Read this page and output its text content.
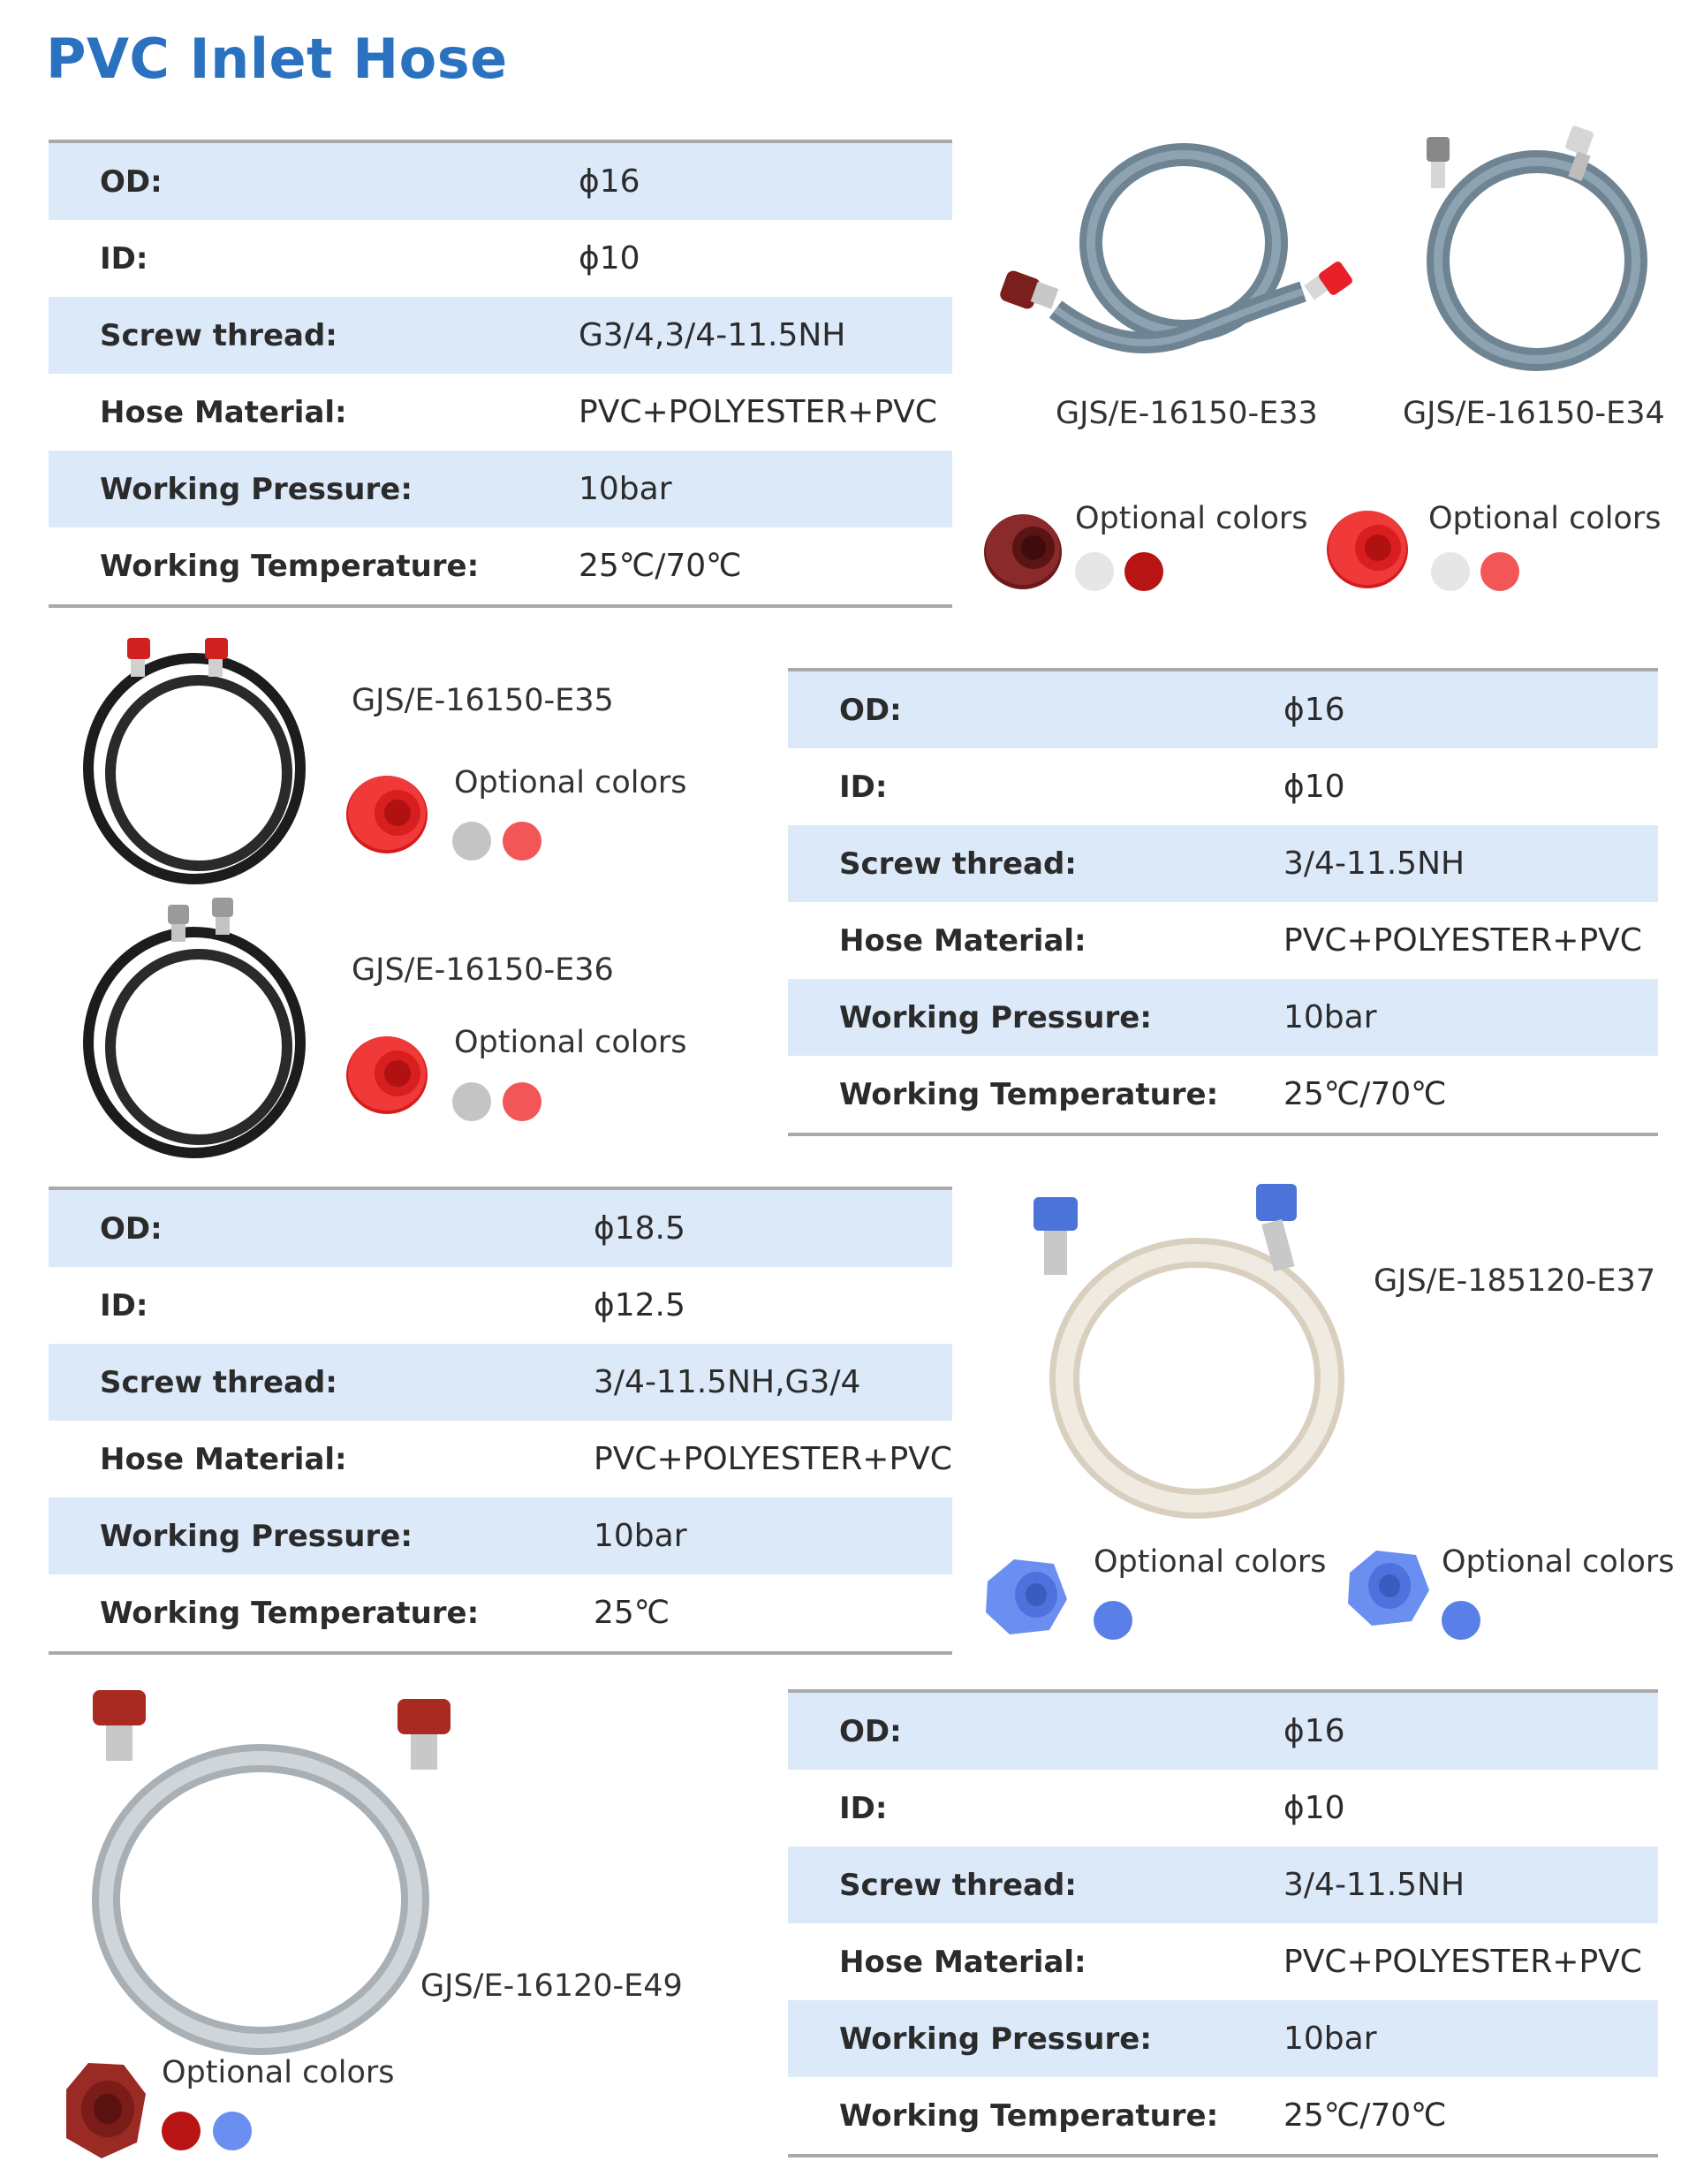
PVC Inlet Hose
OD:	ϕ16
ID:	ϕ10
Screw thread:	G3/4,3/4-11.5NH
Hose Material:	PVC+POLYESTER+PVC
Working Pressure:	10bar
Working Temperature:	25℃/70℃
OD:	ϕ16
ID:	ϕ10
Screw thread:	3/4-11.5NH
Hose Material:	PVC+POLYESTER+PVC
Working Pressure:	10bar
Working Temperature: 25℃/70℃
OD:	ϕ18.5
ID:	ϕ12.5
Screw thread:	3/4-11.5NH,G3/4
Hose Material:	PVC+POLYESTER+PVC
Working Pressure:	10bar
Working Temperature:	25℃
OD:	ϕ16
ID:	ϕ10
Screw thread:	3/4-11.5NH
Hose Material:	PVC+POLYESTER+PVC
Working Pressure:	10bar
Working Temperature: 25℃/70℃
GJS/E-16150-E33	GJS/E-16150-E34
Optional colors	Optional colors
GJS/E-16150-E35
Optional colors
GJS/E-16150-E36
Optional colors
GJS/E-185120-E37
Optional colors	Optional colors
GJS/E-16120-E49
Optional colors
